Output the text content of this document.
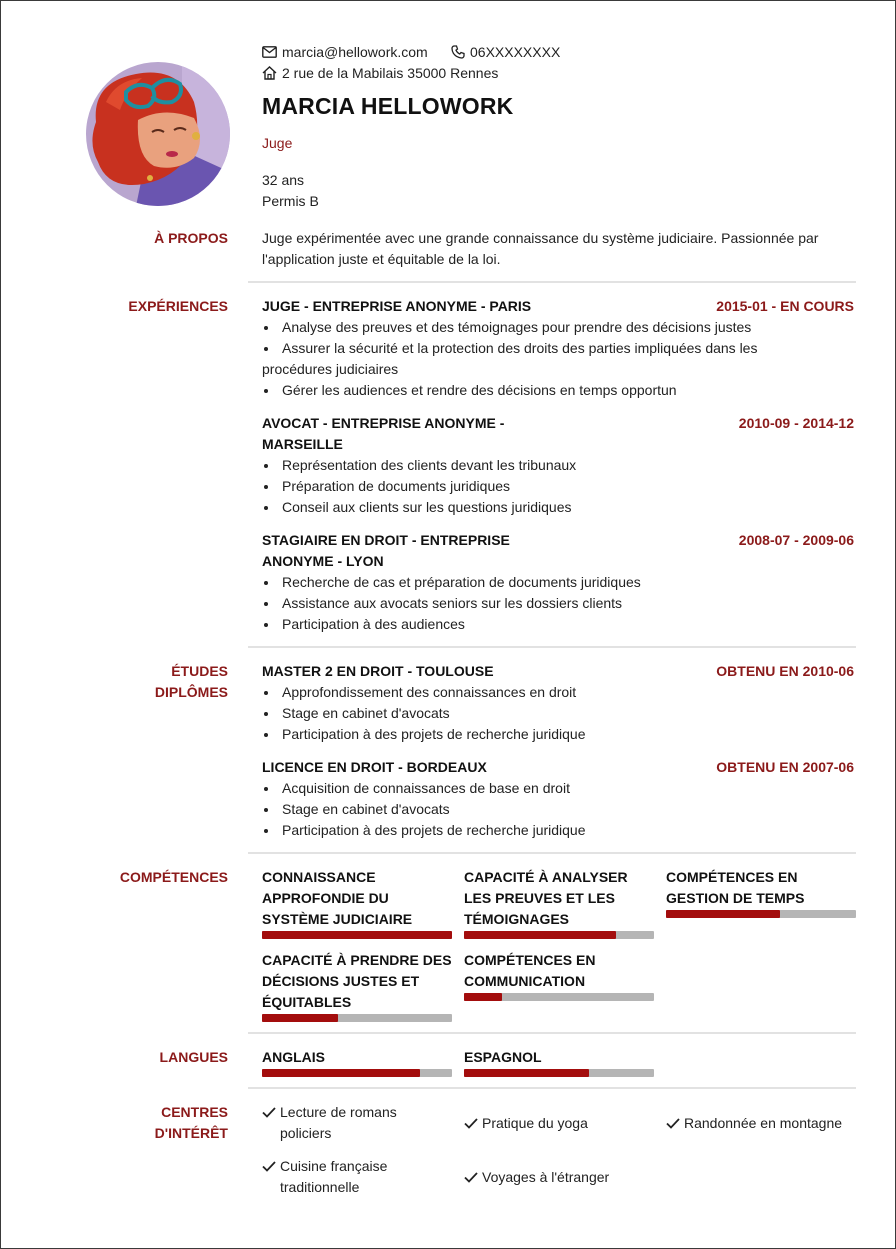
marcia@hellowork.com	06XXXXXXXX
2 rue de la Mabilais 35000 Rennes
MARCIA HELLOWORK
Juge
32 ans
Permis B
À PROPOS Juge expérimentée avec une grande connaissance du système judiciaire. Passionnée par l'application juste et équitable de la loi.
EXPÉRIENCES JUGE - ENTREPRISE ANONYME - PARIS	2015-01 - EN COURS
Analyse des preuves et des témoignages pour prendre des décisions justes
Assurer la sécurité et la protection des droits des parties impliquées dans les
procédures judiciaires
Gérer les audiences et rendre des décisions en temps opportun
AVOCAT - ENTREPRISE ANONYME -
MARSEILLE
2010-09 - 2014-12
Représentation des clients devant les tribunaux
Préparation de documents juridiques
Conseil aux clients sur les questions juridiques
STAGIAIRE EN DROIT - ENTREPRISE
ANONYME - LYON
2008-07 - 2009-06
Recherche de cas et préparation de documents juridiques
Assistance aux avocats seniors sur les dossiers clients
Participation à des audiences
ÉTUDES
DIPLÔMES
MASTER 2 EN DROIT - TOULOUSE	OBTENU EN 2010-06
Approfondissement des connaissances en droit
Stage en cabinet d'avocats
Participation à des projets de recherche juridique
LICENCE EN DROIT - BORDEAUX	OBTENU EN 2007-06
Acquisition de connaissances de base en droit
Stage en cabinet d'avocats
Participation à des projets de recherche juridique
COMPÉTENCES CONNAISSANCE
APPROFONDIE DU
SYSTÈME JUDICIAIRE
CAPACITÉ À ANALYSER
LES PREUVES ET LES
TÉMOIGNAGES
COMPÉTENCES EN
GESTION DE TEMPS
CAPACITÉ À PRENDRE DES
DÉCISIONS JUSTES ET
ÉQUITABLES
COMPÉTENCES EN
COMMUNICATION
LANGUES ANGLAIS	ESPAGNOL
CENTRES
D'INTÉRÊT
Lecture de romans
policiers
Pratique du yoga	Randonnée en montagne
Cuisine française
traditionnelle
Voyages à l'étranger
